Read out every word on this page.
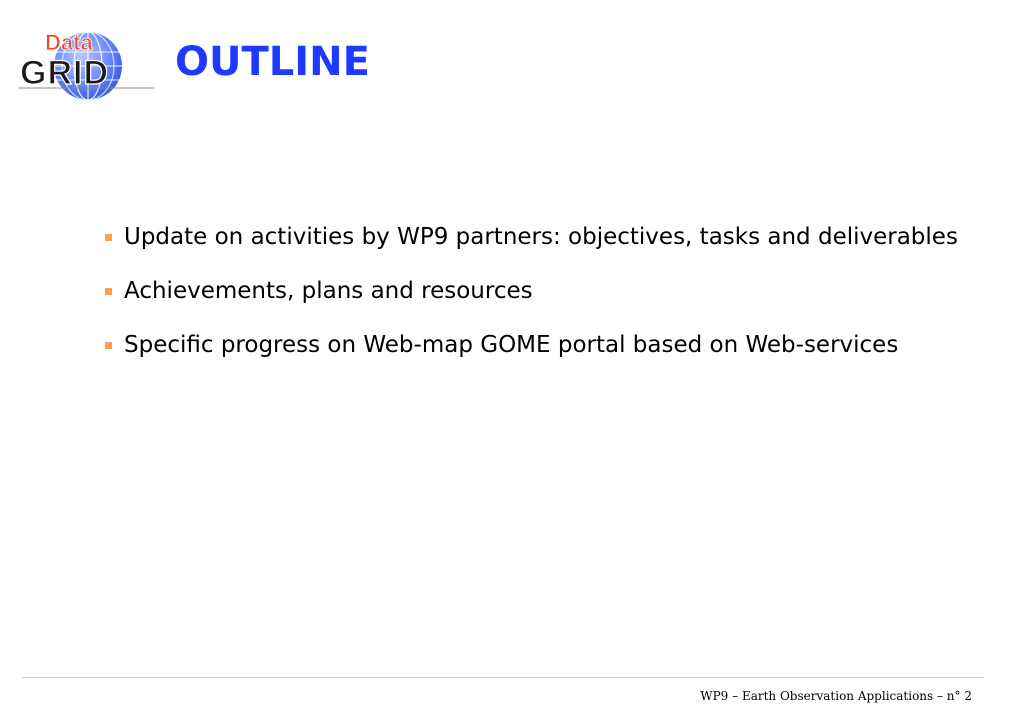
Data
GRID OUTLINE
Update on activities by WP9 partners: objectives, tasks and deliverables
Achievements, plans and resources
Specific progress on Web-map GOME portal based on Web-services
WP9 – Earth Observation Applications – n° 2
